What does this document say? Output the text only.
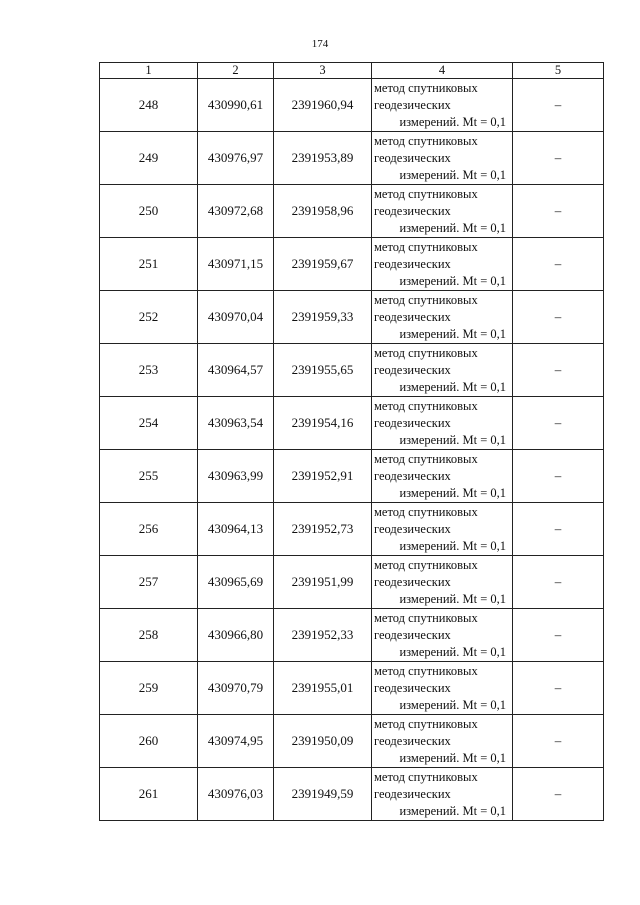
174
1	2	3	4	5
248	430990,61	2391960,94	метод спутниковых
геодезических
измерений. Mt = 0,1	–
249	430976,97	2391953,89	метод спутниковых
геодезических
измерений. Mt = 0,1	–
250	430972,68	2391958,96	метод спутниковых
геодезических
измерений. Mt = 0,1	–
251	430971,15	2391959,67	метод спутниковых
геодезических
измерений. Mt = 0,1	–
252	430970,04	2391959,33	метод спутниковых
геодезических
измерений. Mt = 0,1	–
253	430964,57	2391955,65	метод спутниковых
геодезических
измерений. Mt = 0,1	–
254	430963,54	2391954,16	метод спутниковых
геодезических
измерений. Mt = 0,1	–
255	430963,99	2391952,91	метод спутниковых
геодезических
измерений. Mt = 0,1	–
256	430964,13	2391952,73	метод спутниковых
геодезических
измерений. Mt = 0,1	–
257	430965,69	2391951,99	метод спутниковых
геодезических
измерений. Mt = 0,1	–
258	430966,80	2391952,33	метод спутниковых
геодезических
измерений. Mt = 0,1	–
259	430970,79	2391955,01	метод спутниковых
геодезических
измерений. Mt = 0,1	–
260	430974,95	2391950,09	метод спутниковых
геодезических
измерений. Mt = 0,1	–
261	430976,03	2391949,59	метод спутниковых
геодезических
измерений. Mt = 0,1	–
